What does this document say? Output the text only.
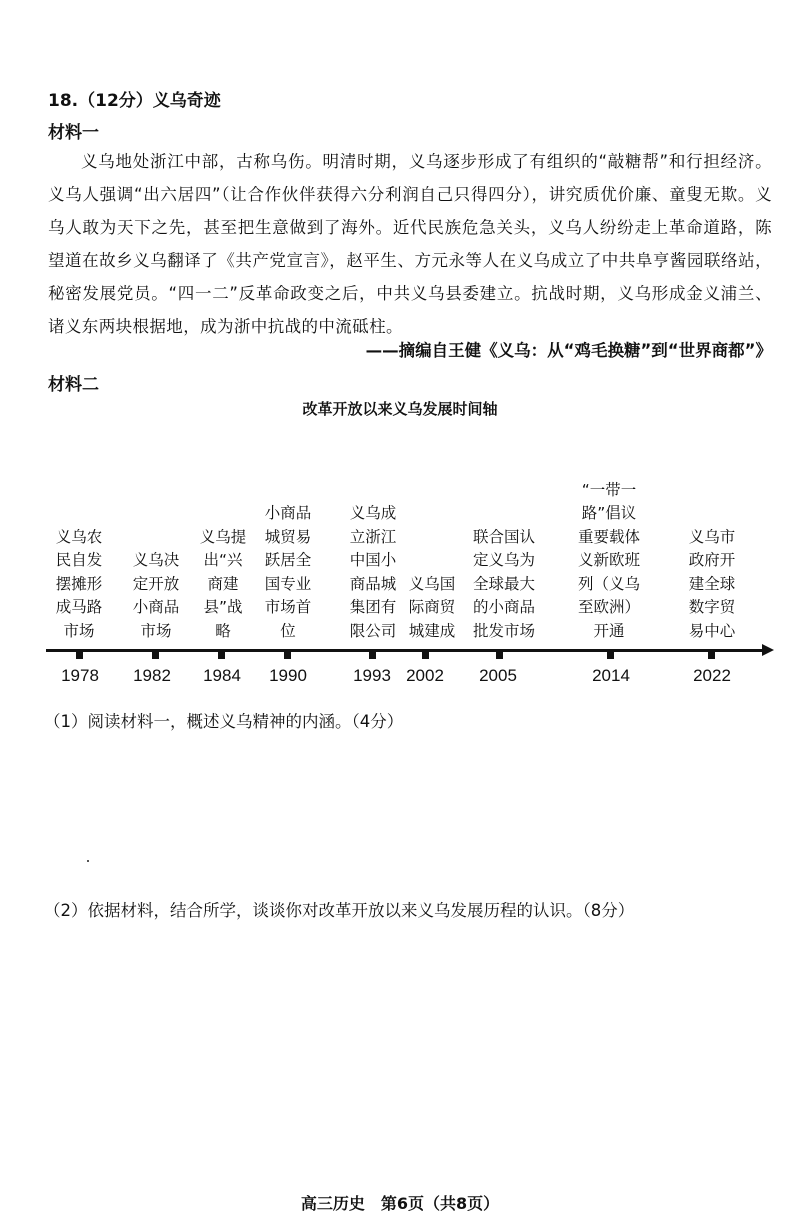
18.（12分）义乌奇迹
材料一
义乌地处浙江中部，古称乌伤。明清时期，义乌逐步形成了有组织的“敲糖帮”和行担经济。义乌人强调“出六居四”（让合作伙伴获得六分利润自己只得四分），讲究质优价廉、童叟无欺。义乌人敢为天下之先，甚至把生意做到了海外。近代民族危急关头，义乌人纷纷走上革命道路，陈望道在故乡义乌翻译了《共产党宣言》，赵平生、方元永等人在义乌成立了中共阜亨酱园联络站，秘密发展党员。“四一二”反革命政变之后，中共义乌县委建立。抗战时期，义乌形成金义浦兰、诸义东两块根据地，成为浙中抗战的中流砥柱。
——摘编自王健《义乌：从“鸡毛换糖”到“世界商都”》
材料二
改革开放以来义乌发展时间轴
义乌农民自发摆摊形成马路市场
义乌决定开放小商品市场
义乌提出“兴商建县”战略
小商品城贸易跃居全国专业市场首位
义乌成立浙江中国小商品城集团有限公司
义乌国际商贸城建成
联合国认定义乌为全球最大的小商品批发市场
“一带一路”倡议重要载体义新欧班列（义乌至欧洲）开通
义乌市政府开建全球数字贸易中心
1978	1982	1984	1990	1993 2002	2005	2014	2022
（1）阅读材料一，概述义乌精神的内涵。（4分）
（2）依据材料，结合所学，谈谈你对改革开放以来义乌发展历程的认识。（8分）
高三历史　第6页（共8页）
